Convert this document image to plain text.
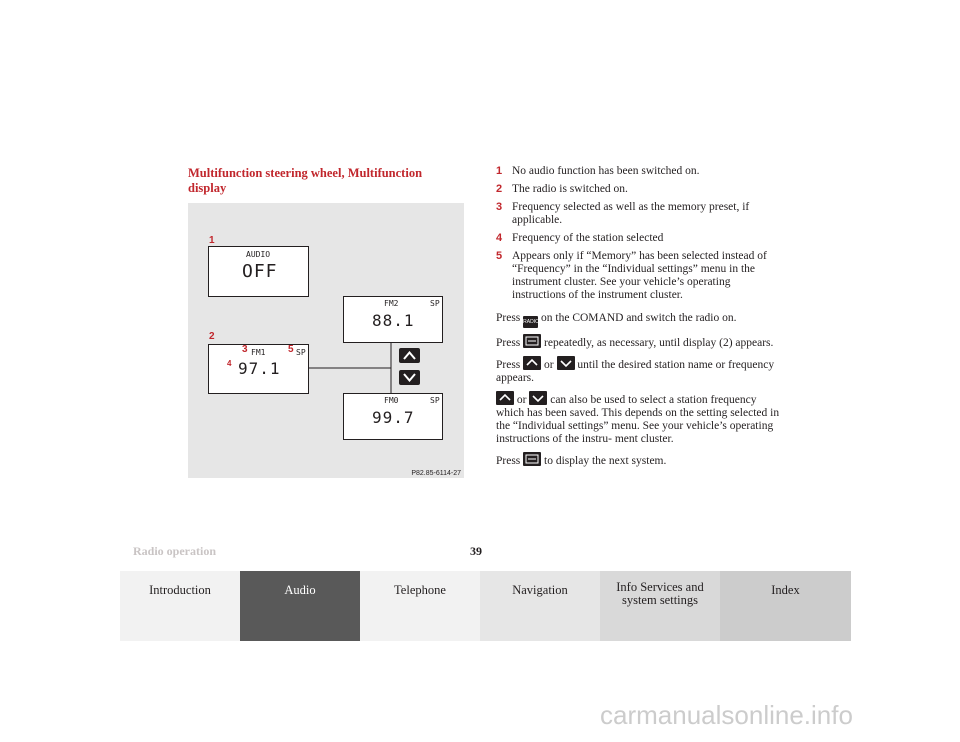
Multifunction steering wheel, Multifunction display
1
2
AUDIO
OFF
FM2	SP
88.1
FM1	SP
97.1
3
4
5
FM0	SP
99.7
P82.85-6114-27
1 No audio function has been switched on.
2 The radio is switched on.
3 Frequency selected as well as the memory preset, if applicable.
4 Frequency of the station selected
5 Appears only if “Memory” has been selected instead of “Frequency” in the “Individual settings” menu in the instrument cluster. See your vehicle’s operating instructions of the instrument cluster.
Press RADIO on the COMAND and switch the radio on.
Press repeatedly, as necessary, until display (2) appears.
Press or until the desired station name or frequency appears.
or can also be used to select a station frequency which has been saved. This depends on the setting selected in the “Individual settings” menu. See your vehicle’s operating instructions of the instru- ment cluster.
Press to display the next system.
Radio operation	39
Introduction	Audio	Telephone	Navigation	Info Services and system settings
Index
carmanualsonline.info
